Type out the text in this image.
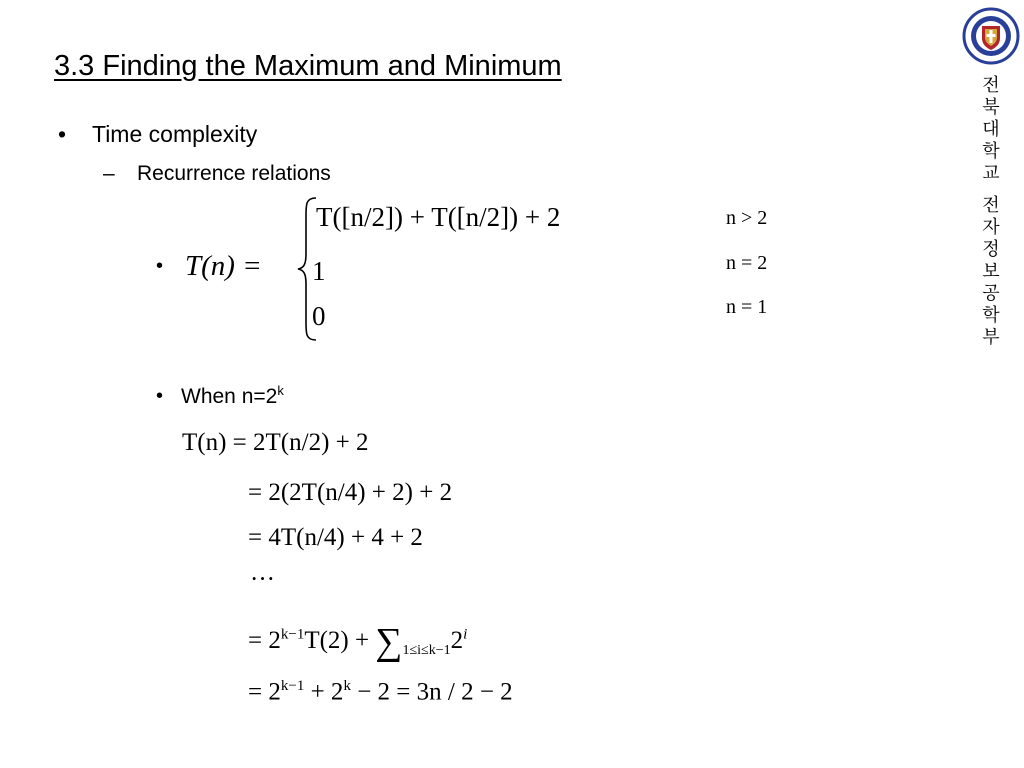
3.3 Finding the Maximum and Minimum
• Time complexity
– Recurrence relations
• T(n) =
T([n/2]) + T([n/2]) + 2
1
0
n > 2
n = 2
n = 1
• When $n=2^k$
T(n) = 2T(n/2) + 2
= 2(2T(n/4) + 2) + 2
= 4T(n/4) + 4 + 2
···
= $2^{k-1}T(2) + \sum_{1\le i\le k-1}2^i$
= $2^{k-1} + 2^k - 2 = 3n / 2 - 2$
전
북
대
학
교
전
자
정
보
공
학
부
